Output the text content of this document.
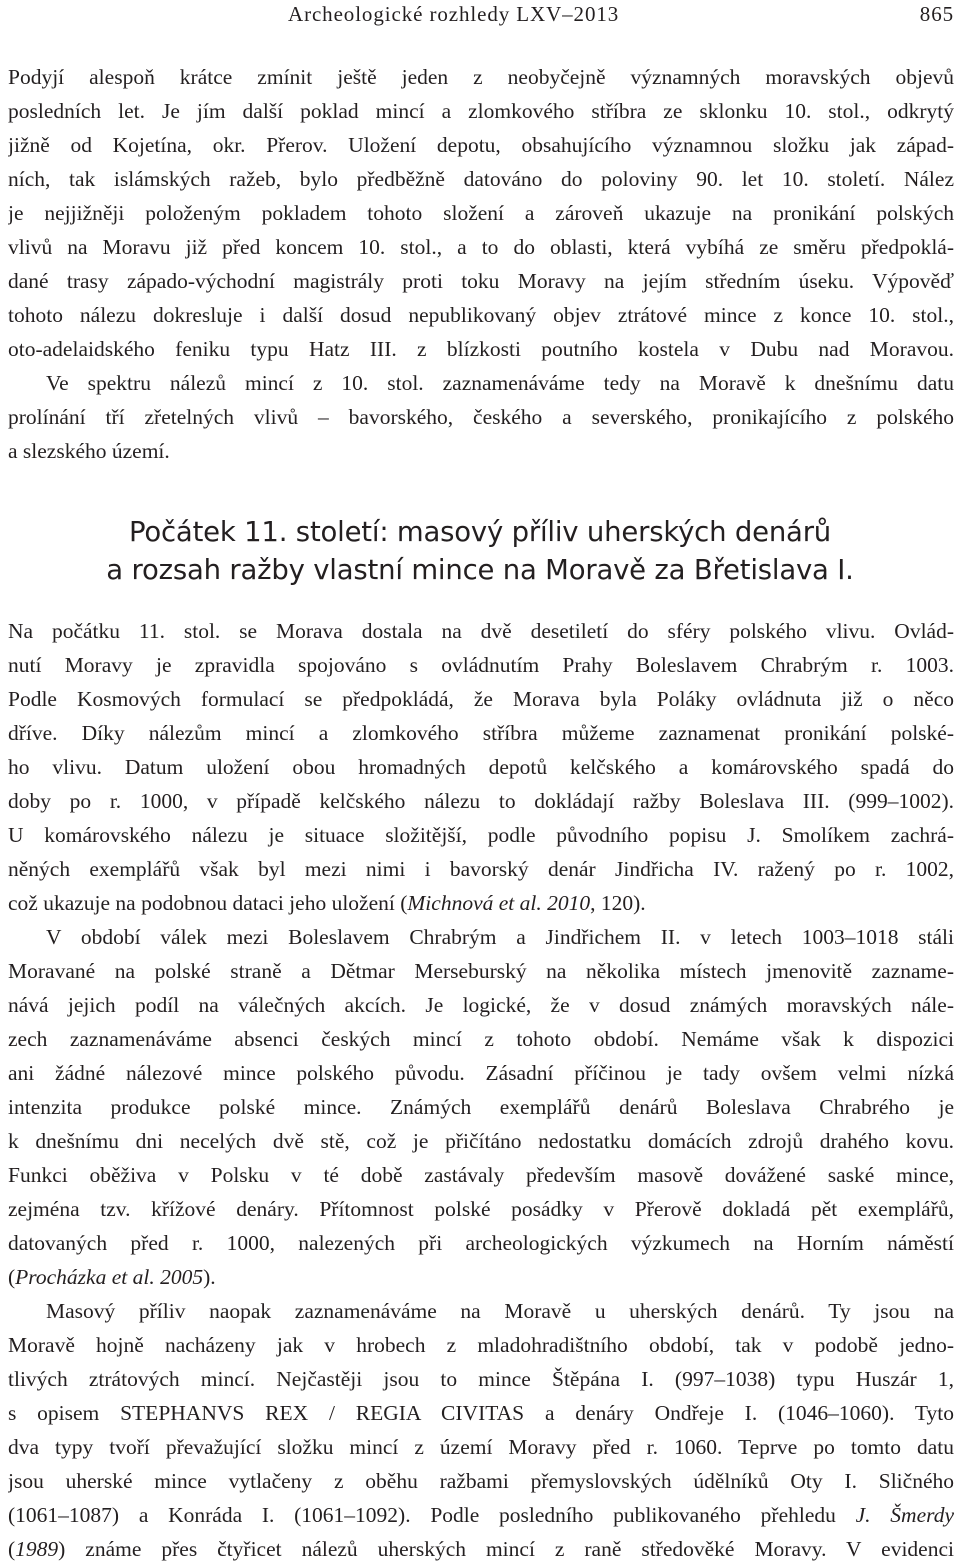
Archeologické rozhledy LXV–2013	865
Podyjí alespoň krátce zmínit ještě jeden z neobyčejně významných moravských objevů
posledních let. Je jím další poklad mincí a zlomkového stříbra ze sklonku 10. stol., odkrytý
jižně od Kojetína, okr. Přerov. Uložení depotu, obsahujícího významnou složku jak západ-
ních, tak islámských ražeb, bylo předběžně datováno do poloviny 90. let 10. století. Nález
je nejjižněji položeným pokladem tohoto složení a zároveň ukazuje na pronikání polských
vlivů na Moravu již před koncem 10. stol., a to do oblasti, která vybíhá ze směru předpoklá-
dané trasy západo-východní magistrály proti toku Moravy na jejím středním úseku. Výpověď
tohoto nálezu dokresluje i další dosud nepublikovaný objev ztrátové mince z konce 10. stol.,
oto-adelaidského feniku typu Hatz III. z blízkosti poutního kostela v Dubu nad Moravou.
Ve spektru nálezů mincí z 10. stol. zaznamenáváme tedy na Moravě k dnešnímu datu
prolínání tří zřetelných vlivů – bavorského, českého a severského, pronikajícího z polského
a slezského území.
Počátek 11. století: masový příliv uherských denárů
a rozsah ražby vlastní mince na Moravě za Břetislava I.
Na počátku 11. stol. se Morava dostala na dvě desetiletí do sféry polského vlivu. Ovlád-
nutí Moravy je zpravidla spojováno s ovládnutím Prahy Boleslavem Chrabrým r. 1003.
Podle Kosmových formulací se předpokládá, že Morava byla Poláky ovládnuta již o něco
dříve. Díky nálezům mincí a zlomkového stříbra můžeme zaznamenat pronikání polské-
ho vlivu. Datum uložení obou hromadných depotů kelčského a komárovského spadá do
doby po r. 1000, v případě kelčského nálezu to dokládají ražby Boleslava III. (999–1002).
U komárovského nálezu je situace složitější, podle původního popisu J. Smolíkem zachrá-
něných exemplářů však byl mezi nimi i bavorský denár Jindřicha IV. ražený po r. 1002,
což ukazuje na podobnou dataci jeho uložení (Michnová et al. 2010, 120).
V období válek mezi Boleslavem Chrabrým a Jindřichem II. v letech 1003–1018 stáli
Moravané na polské straně a Dětmar Merseburský na několika místech jmenovitě zazname-
nává jejich podíl na válečných akcích. Je logické, že v dosud známých moravských nále-
zech zaznamenáváme absenci českých mincí z tohoto období. Nemáme však k dispozici
ani žádné nálezové mince polského původu. Zásadní příčinou je tady ovšem velmi nízká
intenzita produkce polské mince. Známých exemplářů denárů Boleslava Chrabrého je
k dnešnímu dni necelých dvě stě, což je přičítáno nedostatku domácích zdrojů drahého kovu.
Funkci oběživa v Polsku v té době zastávaly především masově dovážené saské mince,
zejména tzv. křížové denáry. Přítomnost polské posádky v Přerově dokladá pět exemplářů,
datovaných před r. 1000, nalezených při archeologických výzkumech na Horním náměstí
(Procházka et al. 2005).
Masový příliv naopak zaznamenáváme na Moravě u uherských denárů. Ty jsou na
Moravě hojně nacházeny jak v hrobech z mladohradištního období, tak v podobě jedno-
tlivých ztrátových mincí. Nejčastěji jsou to mince Štěpána I. (997–1038) typu Huszár 1,
s opisem STEPHANVS REX / REGIA CIVITAS a denáry Ondřeje I. (1046–1060). Tyto
dva typy tvoří převažující složku mincí z území Moravy před r. 1060. Teprve po tomto datu
jsou uherské mince vytlačeny z oběhu ražbami přemyslovských údělníků Oty I. Sličného
(1061–1087) a Konráda I. (1061–1092). Podle posledního publikovaného přehledu J. Šmerdy
(1989) známe přes čtyřicet nálezů uherských mincí z raně středověké Moravy. V evidenci
